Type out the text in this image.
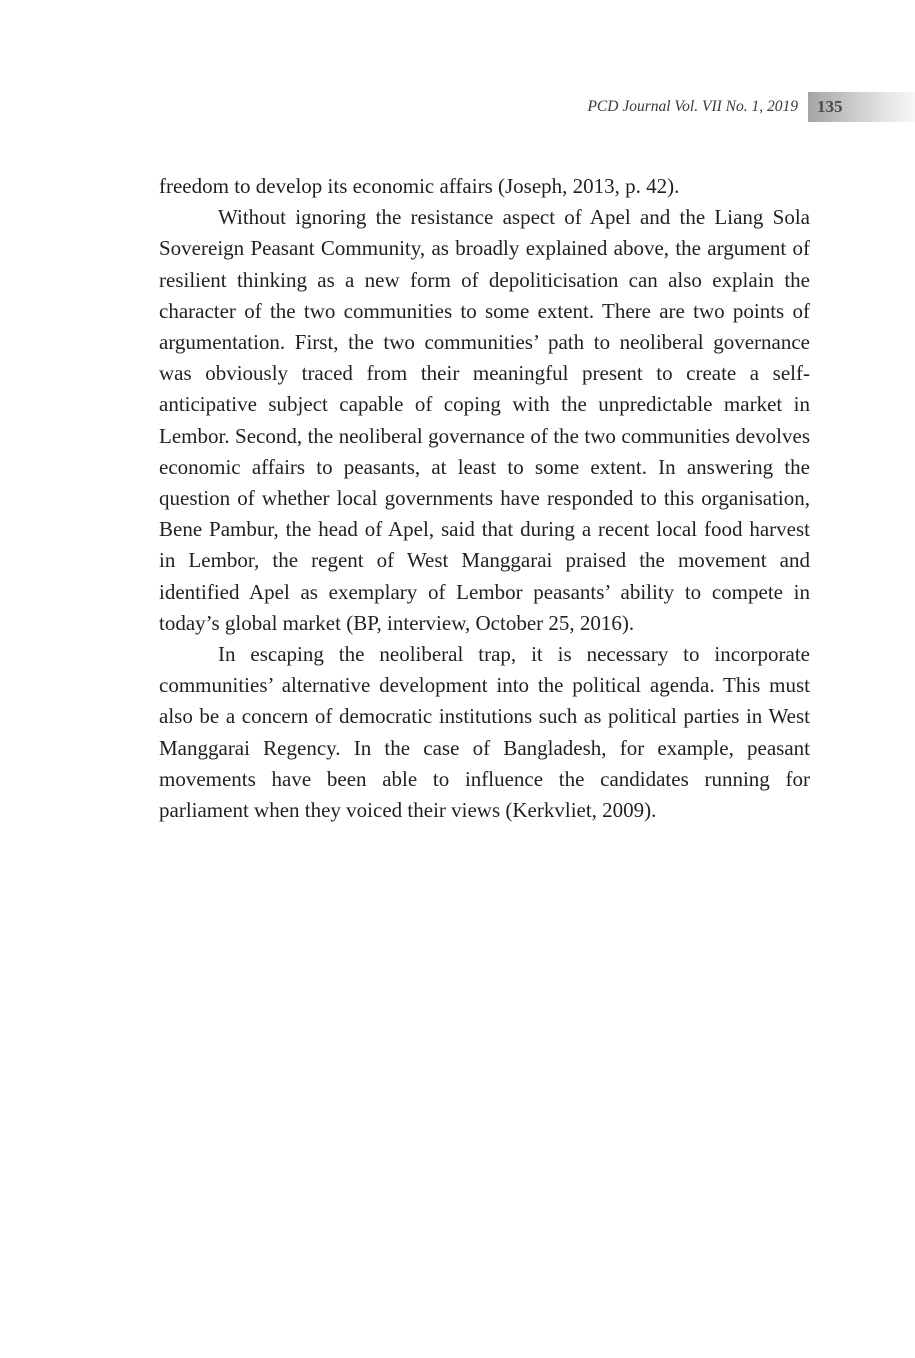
PCD Journal Vol. VII No. 1, 2019 135

freedom to develop its economic affairs (Joseph, 2013, p. 42).

Without ignoring the resistance aspect of Apel and the Liang Sola Sovereign Peasant Community, as broadly explained above, the argument of resilient thinking as a new form of depoliticisation can also explain the character of the two communities to some extent. There are two points of argumentation. First, the two communities’ path to neoliberal governance was obviously traced from their meaningful present to create a self-anticipative subject capable of coping with the unpredictable market in Lembor. Second, the neoliberal governance of the two communities devolves economic affairs to peasants, at least to some extent. In answering the question of whether local governments have responded to this organisation, Bene Pambur, the head of Apel, said that during a recent local food harvest in Lembor, the regent of West Manggarai praised the movement and identified Apel as exemplary of Lembor peasants’ ability to compete in today’s global market (BP, interview, October 25, 2016).

In escaping the neoliberal trap, it is necessary to incorporate communities’ alternative development into the political agenda. This must also be a concern of democratic institutions such as political parties in West Manggarai Regency. In the case of Bangladesh, for example, peasant movements have been able to influence the candidates running for parliament when they voiced their views (Kerkvliet, 2009).
